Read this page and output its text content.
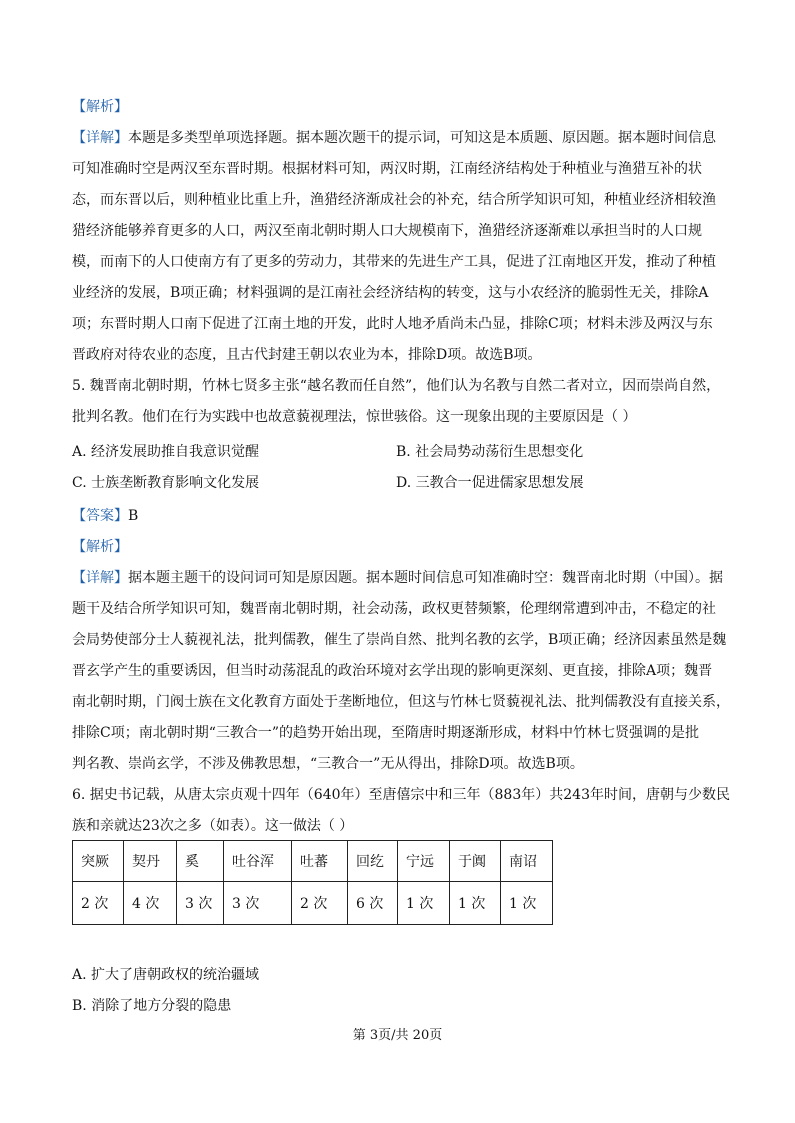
【解析】
【详解】本题是多类型单项选择题。据本题次题干的提示词，可知这是本质题、原因题。据本题时间信息
可知准确时空是两汉至东晋时期。根据材料可知，两汉时期，江南经济结构处于种植业与渔猎互补的状
态，而东晋以后，则种植业比重上升，渔猎经济渐成社会的补充，结合所学知识可知，种植业经济相较渔
猎经济能够养育更多的人口，两汉至南北朝时期人口大规模南下，渔猎经济逐渐难以承担当时的人口规
模，而南下的人口使南方有了更多的劳动力，其带来的先进生产工具，促进了江南地区开发，推动了种植
业经济的发展，B项正确；材料强调的是江南社会经济结构的转变，这与小农经济的脆弱性无关，排除A
项；东晋时期人口南下促进了江南土地的开发，此时人地矛盾尚未凸显，排除C项；材料未涉及两汉与东
晋政府对待农业的态度，且古代封建王朝以农业为本，排除D项。故选B项。
5. 魏晋南北朝时期，竹林七贤多主张“越名教而任自然”，他们认为名教与自然二者对立，因而崇尚自然，
批判名教。他们在行为实践中也故意藐视理法，惊世骇俗。这一现象出现的主要原因是（ ）
A. 经济发展助推自我意识觉醒	B. 社会局势动荡衍生思想变化
C. 士族垄断教育影响文化发展	D. 三教合一促进儒家思想发展
【答案】B
【解析】
【详解】据本题主题干的设问词可知是原因题。据本题时间信息可知准确时空：魏晋南北时期（中国）。据
题干及结合所学知识可知，魏晋南北朝时期，社会动荡，政权更替频繁，伦理纲常遭到冲击，不稳定的社
会局势使部分士人藐视礼法，批判儒教，催生了崇尚自然、批判名教的玄学，B项正确；经济因素虽然是魏
晋玄学产生的重要诱因，但当时动荡混乱的政治环境对玄学出现的影响更深刻、更直接，排除A项；魏晋
南北朝时期，门阀士族在文化教育方面处于垄断地位，但这与竹林七贤藐视礼法、批判儒教没有直接关系，
排除C项；南北朝时期“三教合一”的趋势开始出现，至隋唐时期逐渐形成，材料中竹林七贤强调的是批
判名教、崇尚玄学，不涉及佛教思想，“三教合一”无从得出，排除D项。故选B项。
6. 据史书记载，从唐太宗贞观十四年（640年）至唐僖宗中和三年（883年）共243年时间，唐朝与少数民
族和亲就达23次之多（如表）。这一做法（ ）
突厥	契丹	奚	吐谷浑	吐蕃	回纥	宁远	于阗	南诏
2 次	4 次	3 次	3 次	2 次	6 次	1 次	1 次	1 次
A. 扩大了唐朝政权的统治疆域
B. 消除了地方分裂的隐患
第 3页/共 20页
